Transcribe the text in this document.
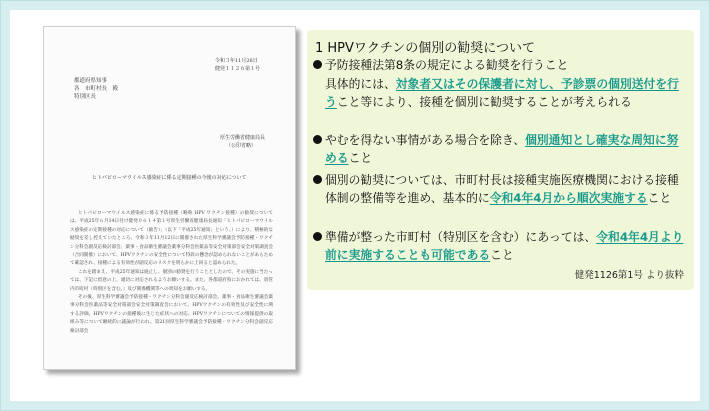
令和３年11月26日
健発１１２６第１号
都道府県知事
各　市町村長　殿
特別区長
厚生労働省健康局長
（公印省略）
ヒトパピローマウイルス感染症に係る定期接種の今後の対応について

ヒトパピローマウイルス感染症に係る予防接種（略称 HPV ワクチン接種）の勧奨については、平成25年６月14日付け健発０６１４第１号厚生労働省健康局長通知「ヒトパピローマウイルス感染症の定期接種の対応について（勧告）」（以下「平成25年通知」という。）により、積極的な勧奨を差し控えていたところ、令和３年11月12日に開催された厚生科学審議会予防接種・ワクチン分科会副反応検討部会、薬事・食品衛生審議会薬事分科会医薬品等安全対策部会安全対策調査会（合同開催）において、HPVワクチンの安全性について特段の懸念が認められないことがあらためて確認され、接種による有効性が副反応のリスクを明らかに上回ると認められた。

これを踏まえ、平成25年通知は廃止し、個別の勧奨を行うこととしたので、その実施に当たっては、下記に留意の上、適切に対応されるようお願いする。また、各都道府県におかれては、貴管内市町村（特別区を含む。）及び関係機関等への周知をお願いする。

その後、厚生科学審議会予防接種・ワクチン分科会副反応検討部会、薬事・食品衛生審議会薬事分科会医薬品等安全対策部会安全対策調査会において、HPVワクチンの有効性及び安全性に関する評価、HPVワクチンの接種後に生じた症状への対応、HPVワクチンについての情報提供の取組み等について継続的に議論が行われ、第21回厚生科学審議会予防接種・ワクチン分科会副反応検討部会

1 HPVワクチンの個別の勧奨について
予防接種法第8条の規定による勧奨を行うこと
具体的には、対象者又はその保護者に対し、予診票の個別送付を行うこと等により、接種を個別に勧奨することが考えられる
やむを得ない事情がある場合を除き、個別通知とし確実な周知に努めること
個別の勧奨については、市町村長は接種実施医療機関における接種体制の整備等を進め、基本的に令和4年4月から順次実施すること
準備が整った市町村（特別区を含む）にあっては、令和4年4月より前に実施することも可能であること
健発1126第1号 より抜粋
